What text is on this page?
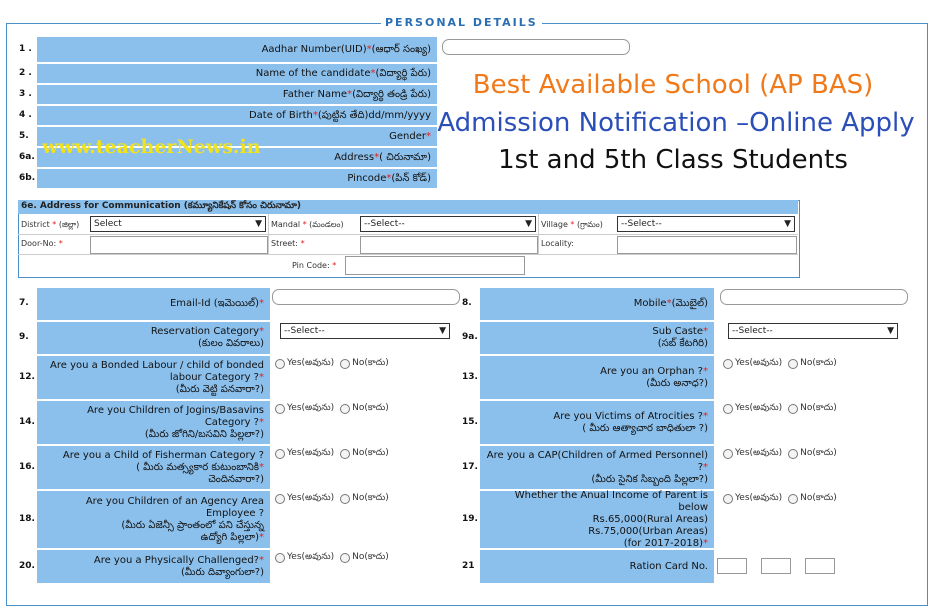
PERSONAL DETAILS
1 .	Aadhar Number(UID) * (ఆధార్ సంఖ్య)
2 .	Name of the candidate * (విద్యార్థి పేరు)
3 .	Father Name * (విద్యార్థి తండ్రి పేరు)
4 .	Date of Birth * (పుట్టిన తేది)dd/mm/yyyy
5.	Gender *
6a.	Address * ( చిరునామా)
6b.	Pincode * (పిన్ కోడ్)
Best Available School (AP BAS)
Admission Notification –Online Apply
1st and 5th Class Students
www.teacherNews.in
6e. Address for Communication (కమ్యూనికేషన్ కోసం చిరునామా)
District * (జిల్లా) Select	▼ Mandal * (మండలం) --Select--	▼ Village * (గ్రామం) --Select--	▼
Door-No: *	Street: *	Locality:
Pin Code: *
7.	Email-Id (ఇమెయిల్)*
9.	Reservation Category*
(కులం వివరాలు)
--Select--	▼
12.
Are you a Bonded Labour / child of bonded
labour Category ?*
(మీరు వెట్టి పనవారా?)
Yes(అవును) No(కాదు)
14.
Are you Children of Jogins/Basavins
Category ?*
(మీరు జోగిని/బసవిని పిల్లలా?)
Yes(అవును) No(కాదు)
16.
Are you a Child of Fisherman Category ?
( మీరు మత్స్యకార కుటుంబానికి*
చెందినవారా?)
Yes(అవును) No(కాదు)
18.
Are you Children of an Agency Area
Employee ?
(మీరు ఏజెన్సీ ప్రాంతంలో పని చేస్తున్న
ఉద్యోగి పిల్లలా)*
Yes(అవును) No(కాదు)
20.	Are you a Physically Challenged?*
(మీరు దివ్యాంగులా?)
Yes(అవును) No(కాదు)
8.	Mobile*(మొబైల్)
9a.	Sub Caste*
(సబ్ కేటగిరి)
--Select--	▼
13.	Are you an Orphan ?*
(మీరు అనాధ?)
Yes(అవును) No(కాదు)
15.	Are you Victims of Atrocities ?*
( మీరు ఆత్యాచార బాధితులా ?)
Yes(అవును) No(కాదు)
17.
Are you a CAP(Children of Armed Personnel)
?*
(మీరు సైనిక సిబ్బంది పిల్లలా?)
Yes(అవును) No(కాదు)
19.
Whether the Anual Income of Parent is below
Rs.65,000(Rural Areas)
Rs.75,000(Urban Areas)
(for 2017-2018)*
Yes(అవును) No(కాదు)
21	Ration Card No.
